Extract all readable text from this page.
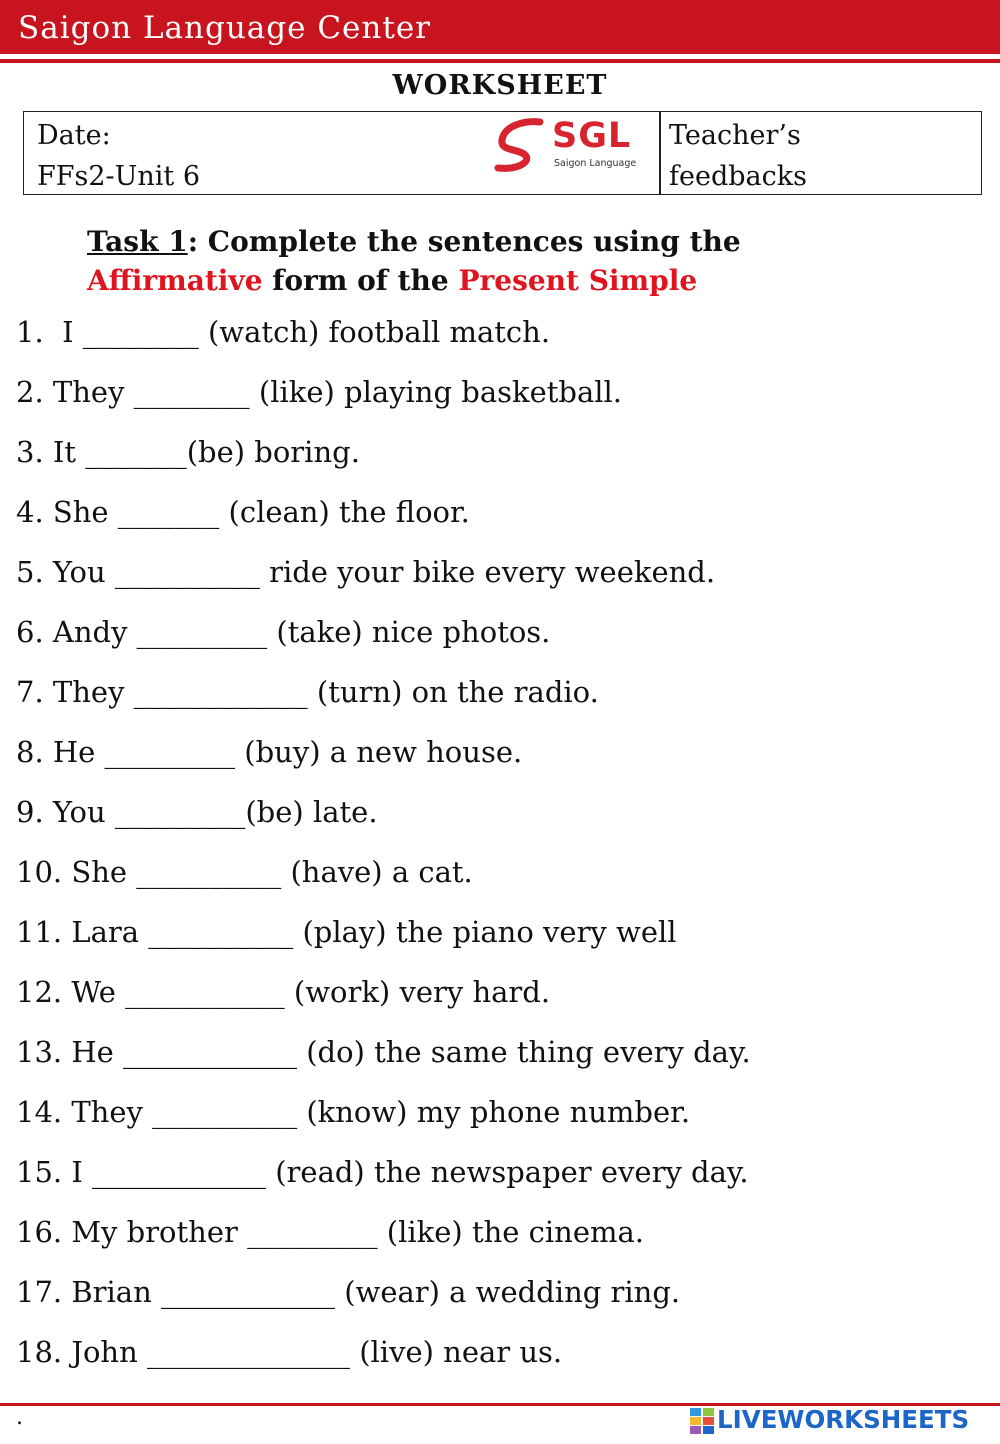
Saigon Language Center
WORKSHEET
Date:
FFs2-Unit 6
SGL
Saigon Language
Teacher’s
feedbacks
Task 1: Complete the sentences using the
Affirmative form of the Present Simple
1.  I ________ (watch) football match.
2. They ________ (like) playing basketball.
3. It _______(be) boring.
4. She _______ (clean) the floor.
5. You __________ ride your bike every weekend.
6. Andy _________ (take) nice photos.
7. They ____________ (turn) on the radio.
8. He _________ (buy) a new house.
9. You _________(be) late.
10. She __________ (have) a cat.
11. Lara __________ (play) the piano very well
12. We ___________ (work) very hard.
13. He ____________ (do) the same thing every day.
14. They __________ (know) my phone number.
15. I ____________ (read) the newspaper every day.
16. My brother _________ (like) the cinema.
17. Brian ____________ (wear) a wedding ring.
18. John ______________ (live) near us.
.	LIVEWORKSHEETS
